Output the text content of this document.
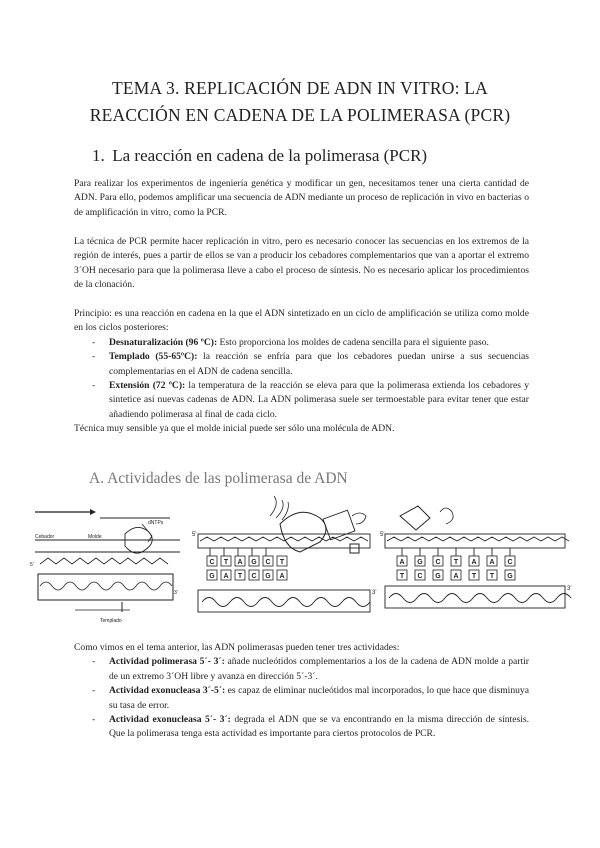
TEMA 3. REPLICACIÓN DE ADN IN VITRO: LA
REACCIÓN EN CADENA DE LA POLIMERASA (PCR)
1. La reacción en cadena de la polimerasa (PCR)
Para realizar los experimentos de ingeniería genética y modificar un gen, necesitamos tener una cierta cantidad de ADN. Para ello, podemos amplificar una secuencia de ADN mediante un proceso de replicación in vivo en bacterias o de amplificación in vitro, como la PCR.
La técnica de PCR permite hacer replicación in vitro, pero es necesario conocer las secuencias en los extremos de la región de interés, pues a partir de ellos se van a producir los cebadores complementarios que van a aportar el extremo 3´OH necesario para que la polimerasa lleve a cabo el proceso de síntesis. No es necesario aplicar los procedimientos de la clonación.
Principio: es una reacción en cadena en la que el ADN sintetizado en un ciclo de amplificación se utiliza como molde en los ciclos posteriores:
- Desnaturalización (96 ºC): Esto proporciona los moldes de cadena sencilla para el siguiente paso.
- Templado (55-65ºC): la reacción se enfría para que los cebadores puedan unirse a sus secuencias complementarias en el ADN de cadena sencilla.
- Extensión (72 ºC): la temperatura de la reacción se eleva para que la polimerasa extienda los cebadores y sintetice así nuevas cadenas de ADN. La ADN polimerasa suele ser termoestable para evitar tener que estar añadiendo polimerasa al final de cada ciclo.
Técnica muy sensible ya que el molde inicial puede ser sólo una molécula de ADN.
A. Actividades de las polimerasa de ADN
Cebador	Molde
dNTPs
5'
3'
Templado
5'
3'
C T A G C T
G A T C G A
5'
3'
A G C T A A C
T C G A T T G
Como vimos en el tema anterior, las ADN polimerasas pueden tener tres actividades:
- Actividad polimerasa 5´- 3´: añade nucleótidos complementarios a los de la cadena de ADN molde a partir de un extremo 3´OH libre y avanza en dirección 5´-3´.
- Actividad exonucleasa 3´-5´: es capaz de eliminar nucleótidos mal incorporados, lo que hace que disminuya su tasa de error.
- Actividad exonucleasa 5´- 3´: degrada el ADN que se va encontrando en la misma dirección de síntesis. Que la polimerasa tenga esta actividad es importante para ciertos protocolos de PCR.
